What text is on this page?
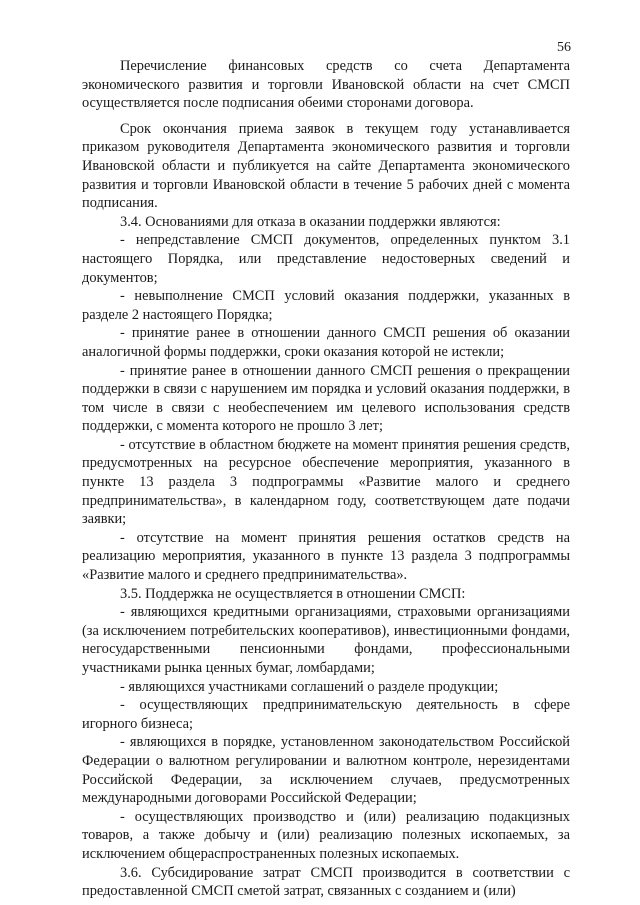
56

Перечисление финансовых средств со счета Департамента экономического развития и торговли Ивановской области на счет СМСП осуществляется после подписания обеими сторонами договора.

Срок окончания приема заявок в текущем году устанавливается приказом руководителя Департамента экономического развития и торговли Ивановской области и публикуется на сайте Департамента экономического развития и торговли Ивановской области в течение 5 рабочих дней с момента подписания.

3.4. Основаниями для отказа в оказании поддержки являются:

- непредставление СМСП документов, определенных пунктом 3.1 настоящего Порядка, или представление недостоверных сведений и документов;

- невыполнение СМСП условий оказания поддержки, указанных в разделе 2 настоящего Порядка;

- принятие ранее в отношении данного СМСП решения об оказании аналогичной формы поддержки, сроки оказания которой не истекли;

- принятие ранее в отношении данного СМСП решения о прекращении поддержки в связи с нарушением им порядка и условий оказания поддержки, в том числе в связи с необеспечением им целевого использования средств поддержки, с момента которого не прошло 3 лет;

- отсутствие в областном бюджете на момент принятия решения средств, предусмотренных на ресурсное обеспечение мероприятия, указанного в пункте 13 раздела 3 подпрограммы «Развитие малого и среднего предпринимательства», в календарном году, соответствующем дате подачи заявки;

- отсутствие на момент принятия решения остатков средств на реализацию мероприятия, указанного в пункте 13 раздела 3 подпрограммы «Развитие малого и среднего предпринимательства».

3.5. Поддержка не осуществляется в отношении СМСП:

- являющихся кредитными организациями, страховыми организациями (за исключением потребительских кооперативов), инвестиционными фондами, негосударственными пенсионными фондами, профессиональными участниками рынка ценных бумаг, ломбардами;

- являющихся участниками соглашений о разделе продукции;

- осуществляющих предпринимательскую деятельность в сфере игорного бизнеса;

- являющихся в порядке, установленном законодательством Российской Федерации о валютном регулировании и валютном контроле, нерезидентами Российской Федерации, за исключением случаев, предусмотренных международными договорами Российской Федерации;

- осуществляющих производство и (или) реализацию подакцизных товаров, а также добычу и (или) реализацию полезных ископаемых, за исключением общераспространенных полезных ископаемых.

3.6. Субсидирование затрат СМСП производится в соответствии с предоставленной СМСП сметой затрат, связанных с созданием и (или)
